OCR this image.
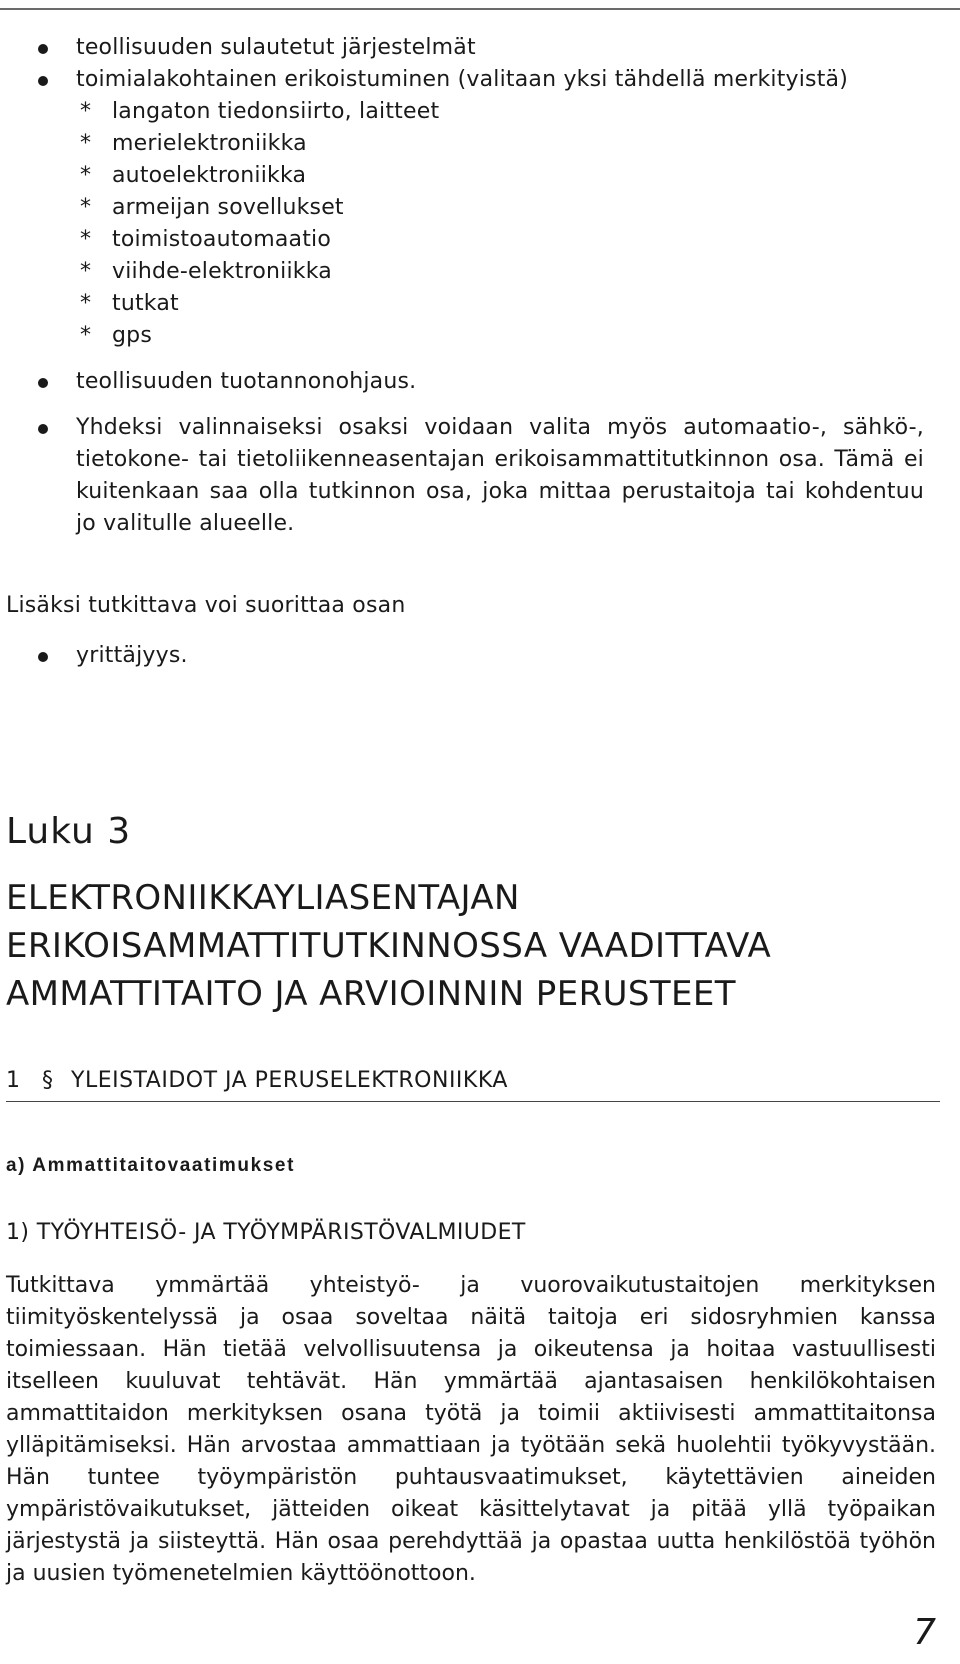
teollisuuden sulautetut järjestelmät
toimialakohtainen erikoistuminen (valitaan yksi tähdellä merkityistä)
* langaton tiedonsiirto, laitteet
* merielektroniikka
* autoelektroniikka
* armeijan sovellukset
* toimistoautomaatio
* viihde-elektroniikka
* tutkat
* gps
teollisuuden tuotannonohjaus.
Yhdeksi valinnaiseksi osaksi voidaan valita myös automaatio-, sähkö-, tietokone- tai tietoliikenneasentajan erikoisammattitutkinnon osa. Tämä ei kuitenkaan saa olla tutkinnon osa, joka mittaa perustaitoja tai kohdentuu jo valitulle alueelle.
Lisäksi tutkittava voi suorittaa osan
yrittäjyys.
Luku 3
ELEKTRONIIKKAYLIASENTAJAN
ERIKOISAMMATTITUTKINNOSSA VAADITTAVA
AMMATTITAITO JA ARVIOINNIN PERUSTEET
1 § YLEISTAIDOT JA PERUSELEKTRONIIKKA
a) Ammattitaitovaatimukset
1) TYÖYHTEISÖ- JA TYÖYMPÄRISTÖVALMIUDET
Tutkittava ymmärtää yhteistyö- ja vuorovaikutustaitojen merkityksen tiimityöskentelyssä ja osaa soveltaa näitä taitoja eri sidosryhmien kanssa toimiessaan. Hän tietää velvollisuutensa ja oikeutensa ja hoitaa vastuullisesti itselleen kuuluvat tehtävät. Hän ymmärtää ajantasaisen henkilökohtaisen ammattitaidon merkityksen osana työtä ja toimii aktiivisesti ammattitaitonsa ylläpitämiseksi. Hän arvostaa ammattiaan ja työtään sekä huolehtii työkyvystään. Hän tuntee työympäristön puhtausvaatimukset, käytettävien aineiden ympäristövaikutukset, jätteiden oikeat käsittelytavat ja pitää yllä työpaikan järjestystä ja siisteyttä. Hän osaa perehdyttää ja opastaa uutta henkilöstöä työhön ja uusien työmenetelmien käyttöönottoon.
7
